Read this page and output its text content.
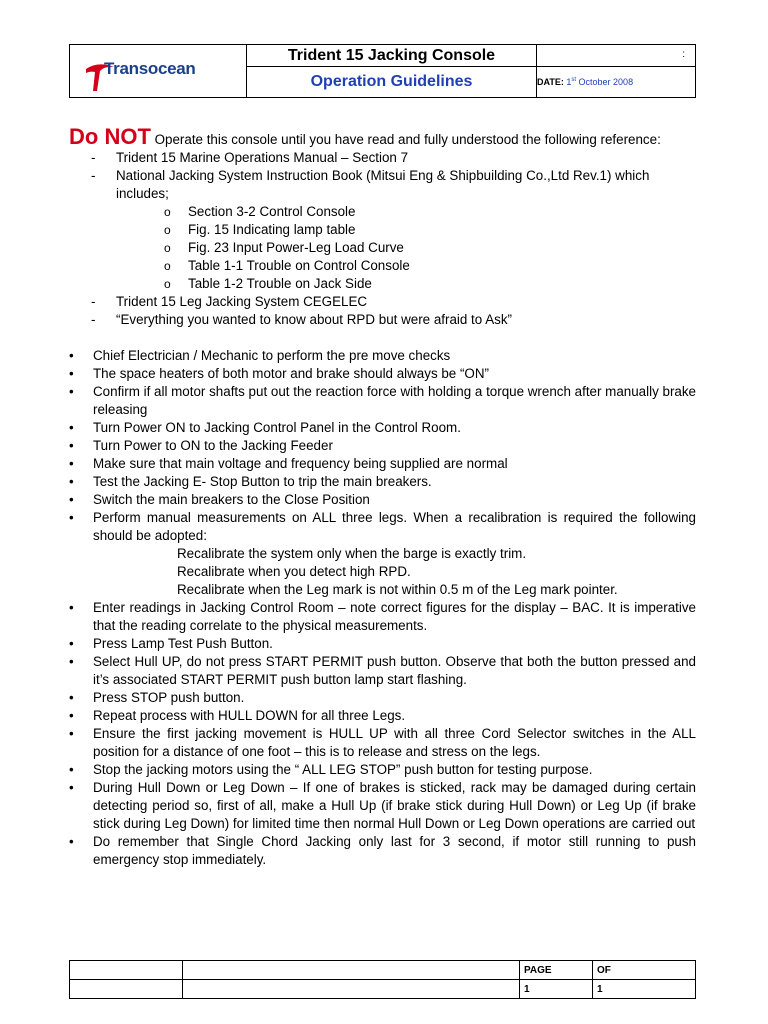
Transocean	Trident 15 Jacking Console	:

	Operation Guidelines	DATE: 1st October 2008

Do NOT Operate this console until you have read and fully understood the following reference:

- Trident 15 Marine Operations Manual – Section 7
- National Jacking System Instruction Book (Mitsui Eng & Shipbuilding Co.,Ltd Rev.1) which includes;
o Section 3-2 Control Console
o Fig. 15 Indicating lamp table
o Fig. 23 Input Power-Leg Load Curve
o Table 1-1 Trouble on Control Console
o Table 1-2 Trouble on Jack Side
- Trident 15 Leg Jacking System CEGELEC
- “Everything you wanted to know about RPD but were afraid to Ask”
• Chief Electrician / Mechanic to perform the pre move checks
• The space heaters of both motor and brake should always be “ON”
• Confirm if all motor shafts put out the reaction force with holding a torque wrench after manually brake releasing
• Turn Power ON to Jacking Control Panel in the Control Room.
• Turn Power to ON to the Jacking Feeder
• Make sure that main voltage and frequency being supplied are normal
• Test the Jacking E- Stop Button to trip the main breakers.
• Switch the main breakers to the Close Position
• Perform manual measurements on ALL three legs. When a recalibration is required the following should be adopted:
Recalibrate the system only when the barge is exactly trim.
Recalibrate when you detect high RPD.
Recalibrate when the Leg mark is not within 0.5 m of the Leg mark pointer.
• Enter readings in Jacking Control Room – note correct figures for the display – BAC. It is imperative that the reading correlate to the physical measurements.
• Press Lamp Test Push Button.
• Select Hull UP, do not press START PERMIT push button. Observe that both the button pressed and it’s associated START PERMIT push button lamp start flashing.
• Press STOP push button.
• Repeat process with HULL DOWN for all three Legs.
• Ensure the first jacking movement is HULL UP with all three Cord Selector switches in the ALL position for a distance of one foot – this is to release and stress on the legs.
• Stop the jacking motors using the “ ALL LEG STOP” push button for testing purpose.
• During Hull Down or Leg Down – If one of brakes is sticked, rack may be damaged during certain detecting period so, first of all, make a Hull Up (if brake stick during Hull Down) or Leg Up (if brake stick during Leg Down) for limited time then normal Hull Down or Leg Down operations are carried out
• Do remember that Single Chord Jacking only last for 3 second, if motor still running to push emergency stop immediately.
		PAGE	OF
		1	1
